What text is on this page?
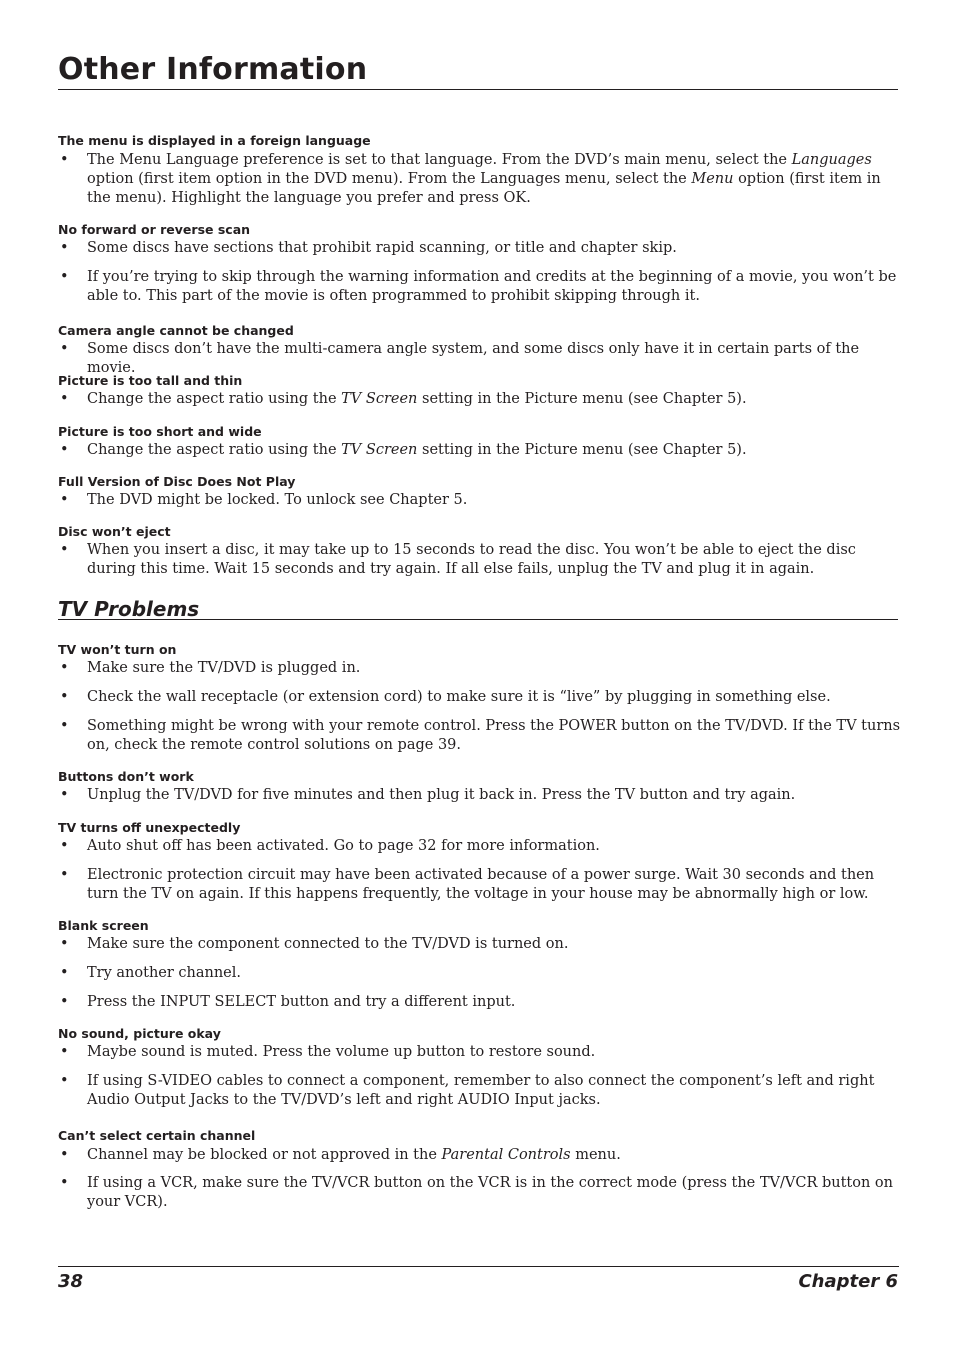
Other Information
The menu is displayed in a foreign language
• The Menu Language preference is set to that language. From the DVD’s main menu, select the Languages option (first item option in the DVD menu). From the Languages menu, select the Menu option (first item in the menu). Highlight the language you prefer and press OK.
No forward or reverse scan
• Some discs have sections that prohibit rapid scanning, or title and chapter skip.
• If you’re trying to skip through the warning information and credits at the beginning of a movie, you won’t be able to. This part of the movie is often programmed to prohibit skipping through it.
Camera angle cannot be changed
• Some discs don’t have the multi-camera angle system, and some discs only have it in certain parts of the movie.
Picture is too tall and thin
• Change the aspect ratio using the TV Screen setting in the Picture menu (see Chapter 5).
Picture is too short and wide
• Change the aspect ratio using the TV Screen setting in the Picture menu (see Chapter 5).
Full Version of Disc Does Not Play
• The DVD might be locked. To unlock see Chapter 5.
Disc won’t eject
• When you insert a disc, it may take up to 15 seconds to read the disc. You won’t be able to eject the disc during this time. Wait 15 seconds and try again. If all else fails, unplug the TV and plug it in again.
TV Problems
TV won’t turn on
• Make sure the TV/DVD is plugged in.
• Check the wall receptacle (or extension cord) to make sure it is “live” by plugging in something else.
• Something might be wrong with your remote control. Press the POWER button on the TV/DVD. If the TV turns on, check the remote control solutions on page 39.
Buttons don’t work
• Unplug the TV/DVD for five minutes and then plug it back in. Press the TV button and try again.
TV turns off unexpectedly
• Auto shut off has been activated. Go to page 32 for more information.
• Electronic protection circuit may have been activated because of a power surge. Wait 30 seconds and then turn the TV on again. If this happens frequently, the voltage in your house may be abnormally high or low.
Blank screen
• Make sure the component connected to the TV/DVD is turned on.
• Try another channel.
• Press the INPUT SELECT button and try a different input.
No sound, picture okay
• Maybe sound is muted. Press the volume up button to restore sound.
• If using S-VIDEO cables to connect a component, remember to also connect the component’s left and right Audio Output Jacks to the TV/DVD’s left and right AUDIO Input jacks.
Can’t select certain channel
• Channel may be blocked or not approved in the Parental Controls menu.
• If using a VCR, make sure the TV/VCR button on the VCR is in the correct mode (press the TV/VCR button on your VCR).
38	Chapter 6
